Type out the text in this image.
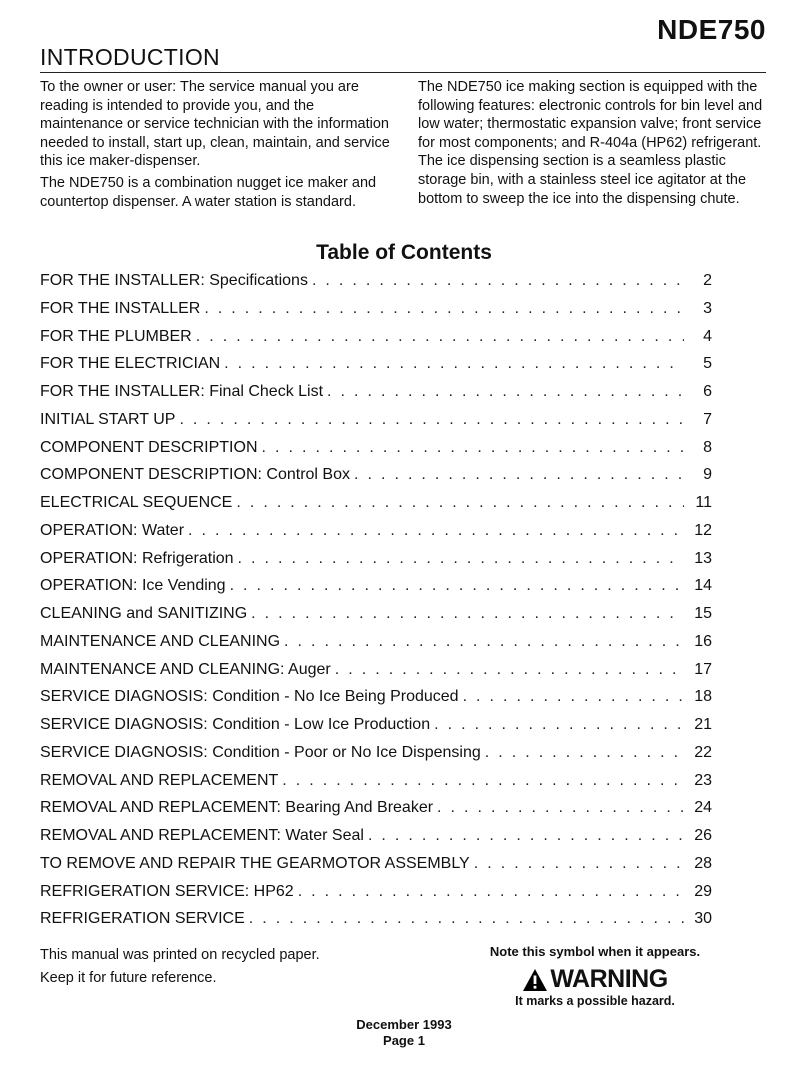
NDE750
INTRODUCTION

To the owner or user: The service manual you are reading is intended to provide you, and the maintenance or service technician with the information needed to install, start up, clean, maintain, and service this ice maker-dispenser.

The NDE750 is a combination nugget ice maker and countertop dispenser. A water station is standard.

The NDE750 ice making section is equipped with the following features: electronic controls for bin level and low water; thermostatic expansion valve; front service for most components; and R-404a (HP62) refrigerant. The ice dispensing section is a seamless plastic storage bin, with a stainless steel ice agitator at the bottom to sweep the ice into the dispensing chute.

Table of Contents
FOR THE INSTALLER: Specifications . . .	2
FOR THE INSTALLER . . .	3
FOR THE PLUMBER . . .	4
FOR THE ELECTRICIAN . . .	5
FOR THE INSTALLER: Final Check List . . .	6
INITIAL START UP . . .	7
COMPONENT DESCRIPTION . . .	8
COMPONENT DESCRIPTION: Control Box . . .	9
ELECTRICAL SEQUENCE . . .	11
OPERATION: Water . . .	12
OPERATION: Refrigeration . . .	13
OPERATION: Ice Vending . . .	14
CLEANING and SANITIZING . . .	15
MAINTENANCE AND CLEANING . . .	16
MAINTENANCE AND CLEANING: Auger . . .	17
SERVICE DIAGNOSIS: Condition - No Ice Being Produced . . .	18
SERVICE DIAGNOSIS: Condition - Low Ice Production . . .	21
SERVICE DIAGNOSIS: Condition - Poor or No Ice Dispensing . . .	22
REMOVAL AND REPLACEMENT . . .	23
REMOVAL AND REPLACEMENT: Bearing And Breaker . . .	24
REMOVAL AND REPLACEMENT: Water Seal . . .	26
TO REMOVE AND REPAIR THE GEARMOTOR ASSEMBLY . . .	28
REFRIGERATION SERVICE: HP62 . . .	29
REFRIGERATION SERVICE . . .	30
This manual was printed on recycled paper.
Keep it for future reference.
Note this symbol when it appears.
WARNING
It marks a possible hazard.
December 1993
Page 1
